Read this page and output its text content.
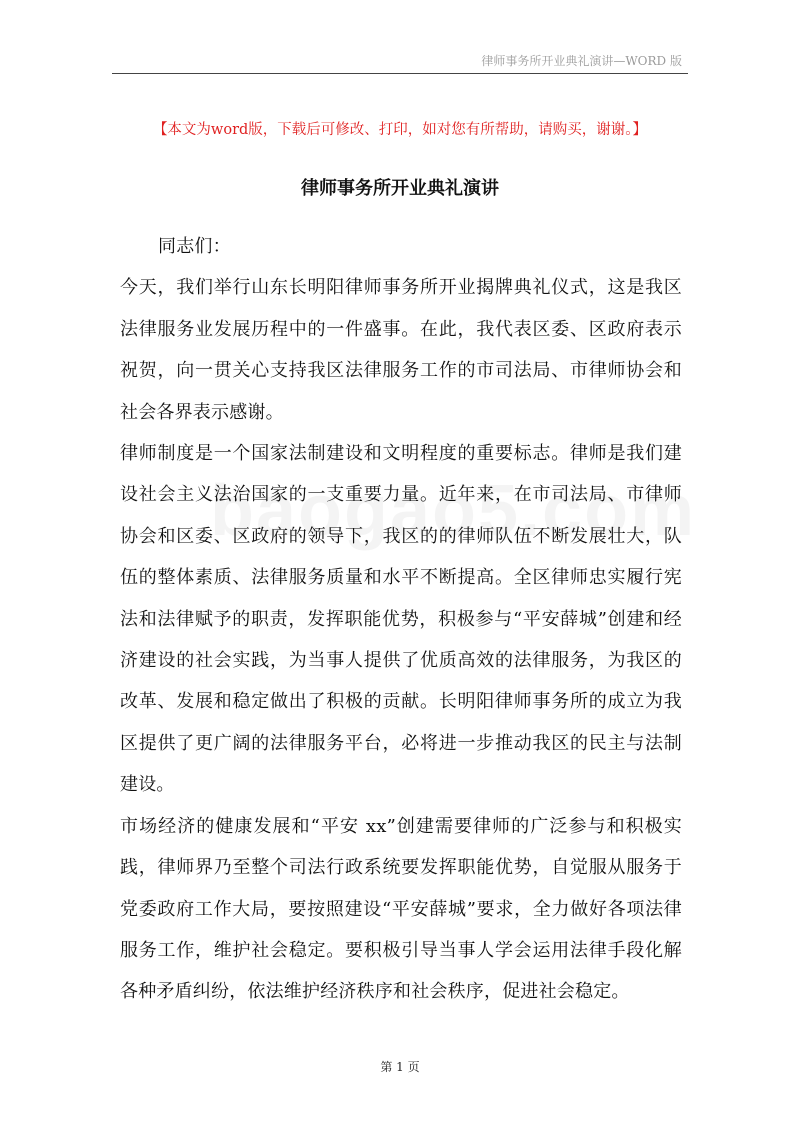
律师事务所开业典礼演讲—WORD 版
【本文为word版，下载后可修改、打印，如对您有所帮助，请购买，谢谢。】
律师事务所开业典礼演讲

同志们：

今天，我们举行山东长明阳律师事务所开业揭牌典礼仪式，这是我区法律服务业发展历程中的一件盛事。在此，我代表区委、区政府表示祝贺，向一贯关心支持我区法律服务工作的市司法局、市律师协会和社会各界表示感谢。

律师制度是一个国家法制建设和文明程度的重要标志。律师是我们建设社会主义法治国家的一支重要力量。近年来，在市司法局、市律师协会和区委、区政府的领导下，我区的的律师队伍不断发展壮大，队伍的整体素质、法律服务质量和水平不断提高。全区律师忠实履行宪法和法律赋予的职责，发挥职能优势，积极参与“平安薛城”创建和经济建设的社会实践，为当事人提供了优质高效的法律服务，为我区的改革、发展和稳定做出了积极的贡献。长明阳律师事务所的成立为我区提供了更广阔的法律服务平台，必将进一步推动我区的民主与法制建设。

市场经济的健康发展和“平安 xx”创建需要律师的广泛参与和积极实践，律师界乃至整个司法行政系统要发挥职能优势，自觉服从服务于党委政府工作大局，要按照建设“平安薛城”要求，全力做好各项法律服务工作，维护社会稳定。要积极引导当事人学会运用法律手段化解各种矛盾纠纷，依法维护经济秩序和社会秩序，促进社会稳定。

第 1 页
